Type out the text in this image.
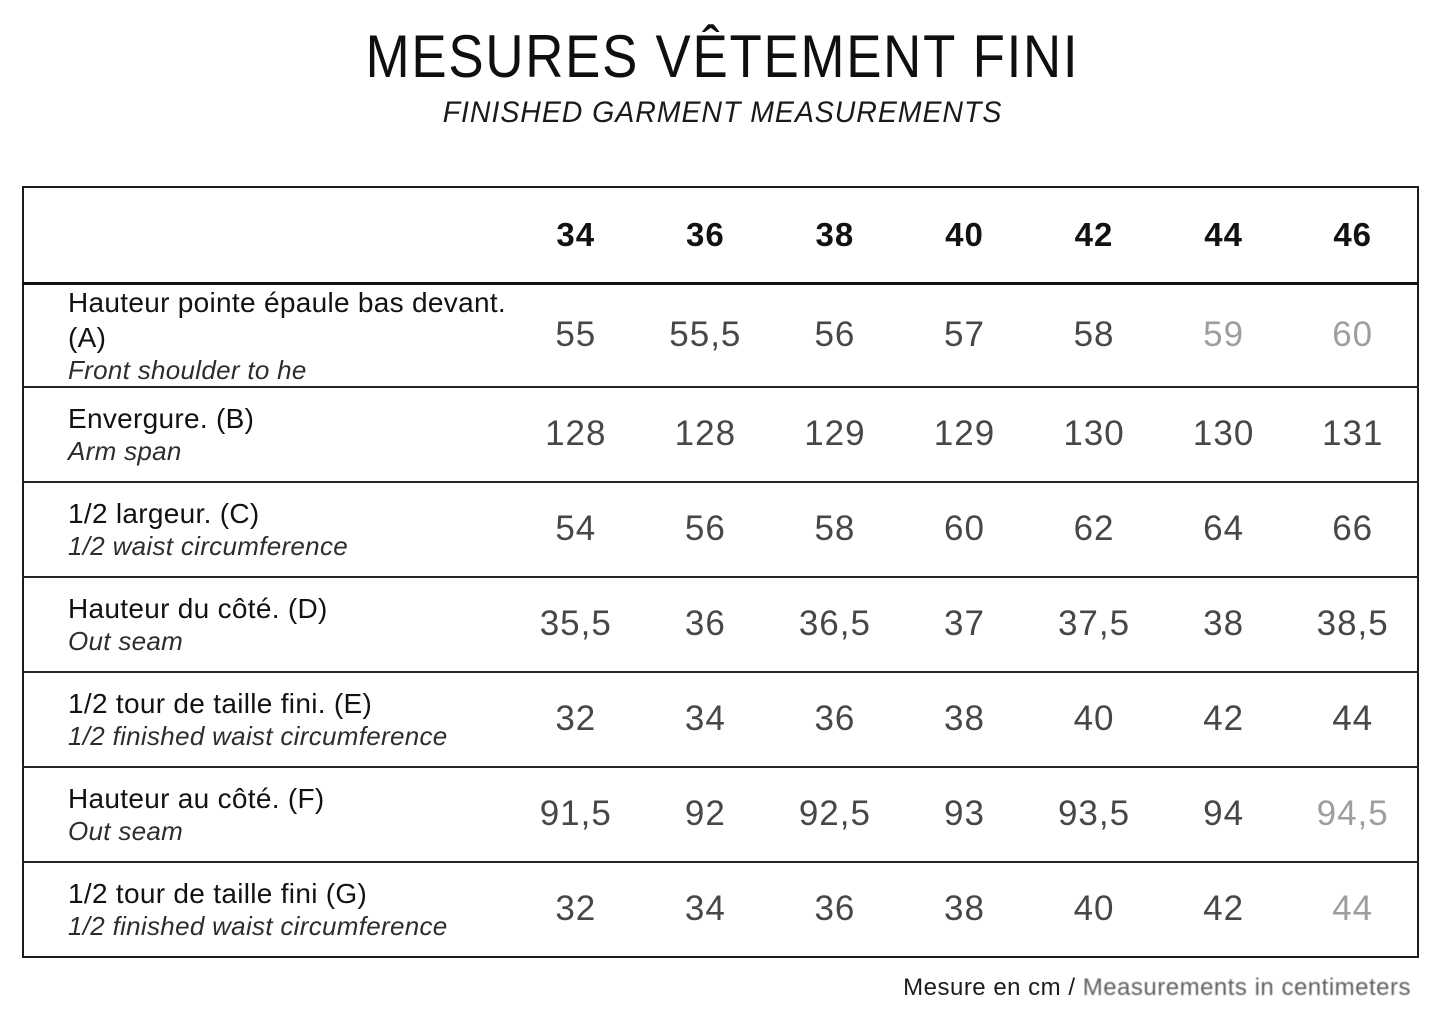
MESURES VÊTEMENT FINI
FINISHED GARMENT MEASUREMENTS
	34	36	38	40	42	44	46

Hauteur pointe épaule bas devant. (A)
Front shoulder to he	55	55,5	56	57	58	59	60

Envergure. (B)
Arm span	128	128	129	129	130	130	131

1/2 largeur. (C)
1/2 waist circumference	54	56	58	60	62	64	66

Hauteur du côté. (D)
Out seam	35,5	36	36,5	37	37,5	38	38,5

1/2 tour de taille fini. (E)
1/2 finished waist circumference	32	34	36	38	40	42	44

Hauteur au côté. (F)
Out seam	91,5	92	92,5	93	93,5	94	94,5

1/2 tour de taille fini (G)
1/2 finished waist circumference	32	34	36	38	40	42	44
Mesure en cm / Measurements in centimeters
